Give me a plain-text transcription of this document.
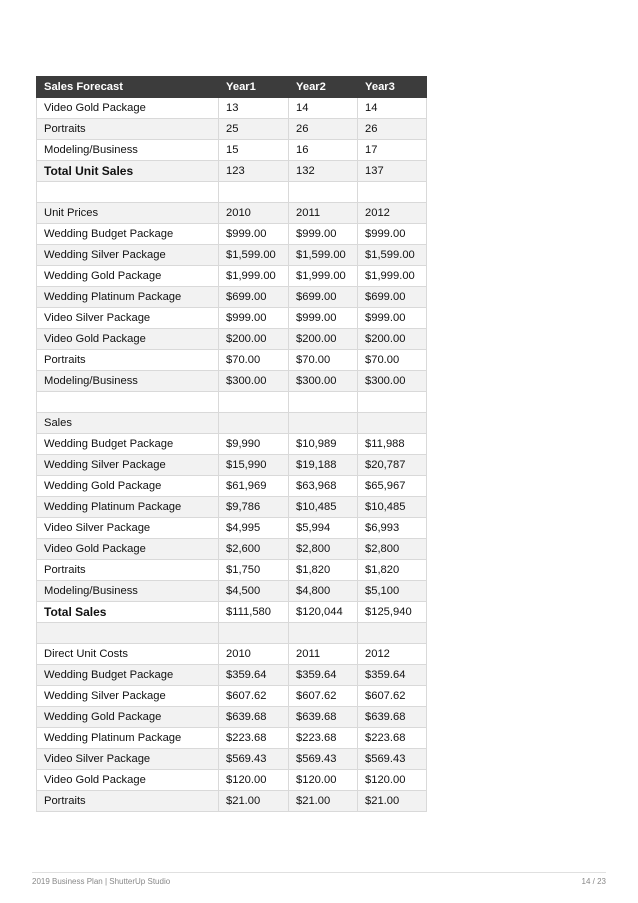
Sales Forecast	Year1	Year2	Year3
Video Gold Package	13	14	14
Portraits	25	26	26
Modeling/Business	15	16	17
Total Unit Sales	123	132	137

Unit Prices	2010	2011	2012
Wedding Budget Package	$999.00	$999.00	$999.00
Wedding Silver Package	$1,599.00	$1,599.00	$1,599.00
Wedding Gold Package	$1,999.00	$1,999.00	$1,999.00
Wedding Platinum Package	$699.00	$699.00	$699.00
Video Silver Package	$999.00	$999.00	$999.00
Video Gold Package	$200.00	$200.00	$200.00
Portraits	$70.00	$70.00	$70.00
Modeling/Business	$300.00	$300.00	$300.00

Sales			
Wedding Budget Package	$9,990	$10,989	$11,988
Wedding Silver Package	$15,990	$19,188	$20,787
Wedding Gold Package	$61,969	$63,968	$65,967
Wedding Platinum Package	$9,786	$10,485	$10,485
Video Silver Package	$4,995	$5,994	$6,993
Video Gold Package	$2,600	$2,800	$2,800
Portraits	$1,750	$1,820	$1,820
Modeling/Business	$4,500	$4,800	$5,100
Total Sales	$111,580	$120,044	$125,940

Direct Unit Costs	2010	2011	2012
Wedding Budget Package	$359.64	$359.64	$359.64
Wedding Silver Package	$607.62	$607.62	$607.62
Wedding Gold Package	$639.68	$639.68	$639.68
Wedding Platinum Package	$223.68	$223.68	$223.68
Video Silver Package	$569.43	$569.43	$569.43
Video Gold Package	$120.00	$120.00	$120.00
Portraits	$21.00	$21.00	$21.00
2019 Business Plan | ShutterUp Studio	14 / 23
